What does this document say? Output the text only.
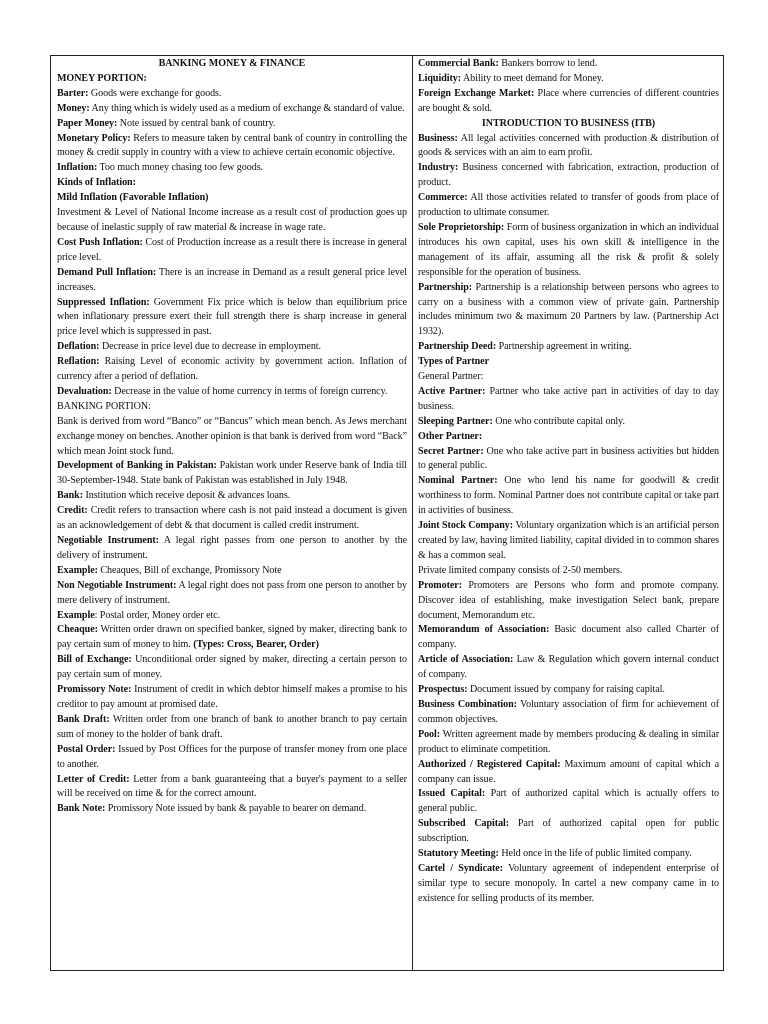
BANKING MONEY & FINANCE

MONEY PORTION:

Barter: Goods were exchange for goods.

Money: Any thing which is widely used as a medium of exchange & standard of value.

Paper Money: Note issued by central bank of country.

Monetary Policy: Refers to measure taken by central bank of country in controlling the money & credit supply in country with a view to achieve certain economic objective.

Inflation: Too much money chasing too few goods.

Kinds of Inflation:

Mild Inflation (Favorable Inflation)

Investment & Level of National Income increase as a result cost of production goes up because of inelastic supply of raw material & increase in wage rate.

Cost Push Inflation: Cost of Production increase as a result there is increase in general price level.

Demand Pull Inflation: There is an increase in Demand as a result general price level increases.

Suppressed Inflation: Government Fix price which is below than equilibrium price when inflationary pressure exert their full strength there is sharp increase in general price level which is suppressed in past.

Deflation: Decrease in price level due to decrease in employment.

Reflation: Raising Level of economic activity by government action. Inflation of currency after a period of deflation.

Devaluation: Decrease in the value of home currency in terms of foreign currency.

BANKING PORTION:

Bank is derived from word “Banco” or “Bancus” which mean bench. As Jews merchant exchange money on benches. Another opinion is that bank is derived from word “Back” which mean Joint stock fund.

Development of Banking in Pakistan: Pakistan work under Reserve bank of India till 30-September-1948. State bank of Pakistan was established in July 1948.

Bank: Institution which receive deposit & advances loans.

Credit: Credit refers to transaction where cash is not paid instead a document is given as an acknowledgement of debt & that document is called credit instrument.

Negotiable Instrument: A legal right passes from one person to another by the delivery of instrument.

Example: Cheaques, Bill of exchange, Promissory Note

Non Negotiable Instrument: A legal right does not pass from one person to another by mere delivery of instrument.

Example: Postal order, Money order etc.

Cheaque: Written order drawn on specified banker, signed by maker, directing bank to pay certain sum of money to him. (Types: Cross, Bearer, Order)

Bill of Exchange: Unconditional order signed by maker, directing a certain person to pay certain sum of money.

Promissory Note: Instrument of credit in which debtor himself makes a promise to his creditor to pay amount at promised date.

Bank Draft: Written order from one branch of bank to another branch to pay certain sum of money to the holder of bank draft.

Postal Order: Issued by Post Offices for the purpose of transfer money from one place to another.

Letter of Credit: Letter from a bank guaranteeing that a buyer's payment to a seller will be received on time & for the correct amount.

Bank Note: Promissory Note issued by bank & payable to bearer on demand.

Commercial Bank: Bankers borrow to lend.

Liquidity: Ability to meet demand for Money.

Foreign Exchange Market: Place where currencies of different countries are bought & sold.

INTRODUCTION TO BUSINESS (ITB)

Business: All legal activities concerned with production & distribution of goods & services with an aim to earn profit.

Industry: Business concerned with fabrication, extraction, production of product.

Commerce: All those activities related to transfer of goods from place of production to ultimate consumer.

Sole Proprietorship: Form of business organization in which an individual introduces his own capital, uses his own skill & intelligence in the management of its affair, assuming all the risk & profit & solely responsible for the operation of business.

Partnership: Partnership is a relationship between persons who agrees to carry on a business with a common view of private gain. Partnership includes minimum two & maximum 20 Partners by law. (Partnership Act 1932).

Partnership Deed: Partnership agreement in writing.

Types of Partner

General Partner:

Active Partner: Partner who take active part in activities of day to day business.

Sleeping Partner: One who contribute capital only.

Other Partner:

Secret Partner: One who take active part in business activities but hidden to general public.

Nominal Partner: One who lend his name for goodwill & credit worthiness to form. Nominal Partner does not contribute capital or take part in activities of business.

Joint Stock Company: Voluntary organization which is an artificial person created by law, having limited liability, capital divided in to common shares & has a common seal.

Private limited company consists of 2-50 members.

Promoter: Promoters are Persons who form and promote company. Discover idea of establishing, make investigation Select bank, prepare document, Memorandum etc.

Memorandum of Association: Basic document also called Charter of company.

Article of Association: Law & Regulation which govern internal conduct of company.

Prospectus: Document issued by company for raising capital.

Business Combination: Voluntary association of firm for achievement of common objectives.

Pool: Written agreement made by members producing & dealing in similar product to eliminate competition.

Authorized / Registered Capital: Maximum amount of capital which a company can issue.

Issued Capital: Part of authorized capital which is actually offers to general public.

Subscribed Capital: Part of authorized capital open for public subscription.

Statutory Meeting: Held once in the life of public limited company.

Cartel / Syndicate: Voluntary agreement of independent enterprise of similar type to secure monopoly. In cartel a new company came in to existence for selling products of its member.
